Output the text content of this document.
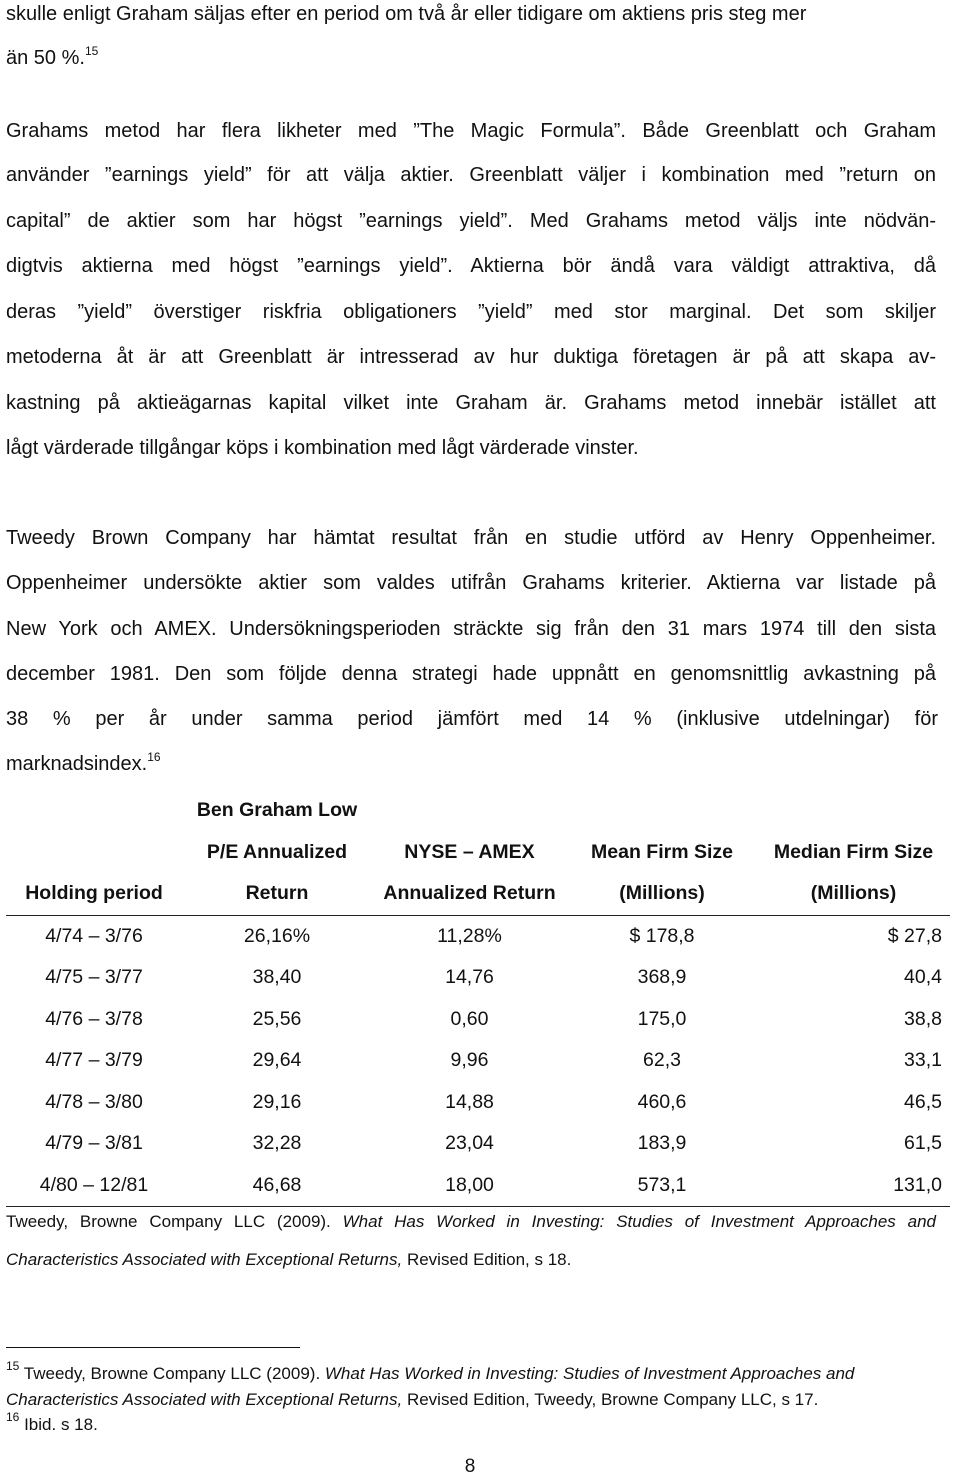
skulle enligt Graham säljas efter en period om två år eller tidigare om aktiens pris steg mer
än 50 %.$^{15}$
Grahams metod har flera likheter med ”The Magic Formula”. Både Greenblatt och Graham
använder ”earnings yield” för att välja aktier. Greenblatt väljer i kombination med ”return on
capital” de aktier som har högst ”earnings yield”. Med Grahams metod väljs inte nödvän-
digtvis aktierna med högst ”earnings yield”. Aktierna bör ändå vara väldigt attraktiva, då
deras ”yield” överstiger riskfria obligationers ”yield” med stor marginal. Det som skiljer
metoderna åt är att Greenblatt är intresserad av hur duktiga företagen är på att skapa av-
kastning på aktieägarnas kapital vilket inte Graham är. Grahams metod innebär istället att
lågt värderade tillgångar köps i kombination med lågt värderade vinster.
Tweedy Brown Company har hämtat resultat från en studie utförd av Henry Oppenheimer.
Oppenheimer undersökte aktier som valdes utifrån Grahams kriterier. Aktierna var listade på
New York och AMEX. Undersökningsperioden sträckte sig från den 31 mars 1974 till den sista
december 1981. Den som följde denna strategi hade uppnått en genomsnittlig avkastning på
38 % per år under samma period jämfört med 14 % (inklusive utdelningar) för
marknadsindex.$^{16}$
	Ben Graham Low			
	P/E Annualized	NYSE – AMEX	Mean Firm Size	Median Firm Size
Holding period	Return	Annualized Return	(Millions)	(Millions)
4/74 – 3/76	26,16%	11,28%	$ 178,8	$ 27,8
4/75 – 3/77	38,40	14,76	368,9	40,4
4/76 – 3/78	25,56	0,60	175,0	38,8
4/77 – 3/79	29,64	9,96	62,3	33,1
4/78 – 3/80	29,16	14,88	460,6	46,5
4/79 – 3/81	32,28	23,04	183,9	61,5
4/80 – 12/81	46,68	18,00	573,1	131,0
Tweedy, Browne Company LLC (2009). What Has Worked in Investing: Studies of Investment Approaches and
Characteristics Associated with Exceptional Returns, Revised Edition, s 18.
$^{15}$ Tweedy, Browne Company LLC (2009). What Has Worked in Investing: Studies of Investment Approaches and
Characteristics Associated with Exceptional Returns, Revised Edition, Tweedy, Browne Company LLC, s 17.
$^{16}$ Ibid. s 18.
8
